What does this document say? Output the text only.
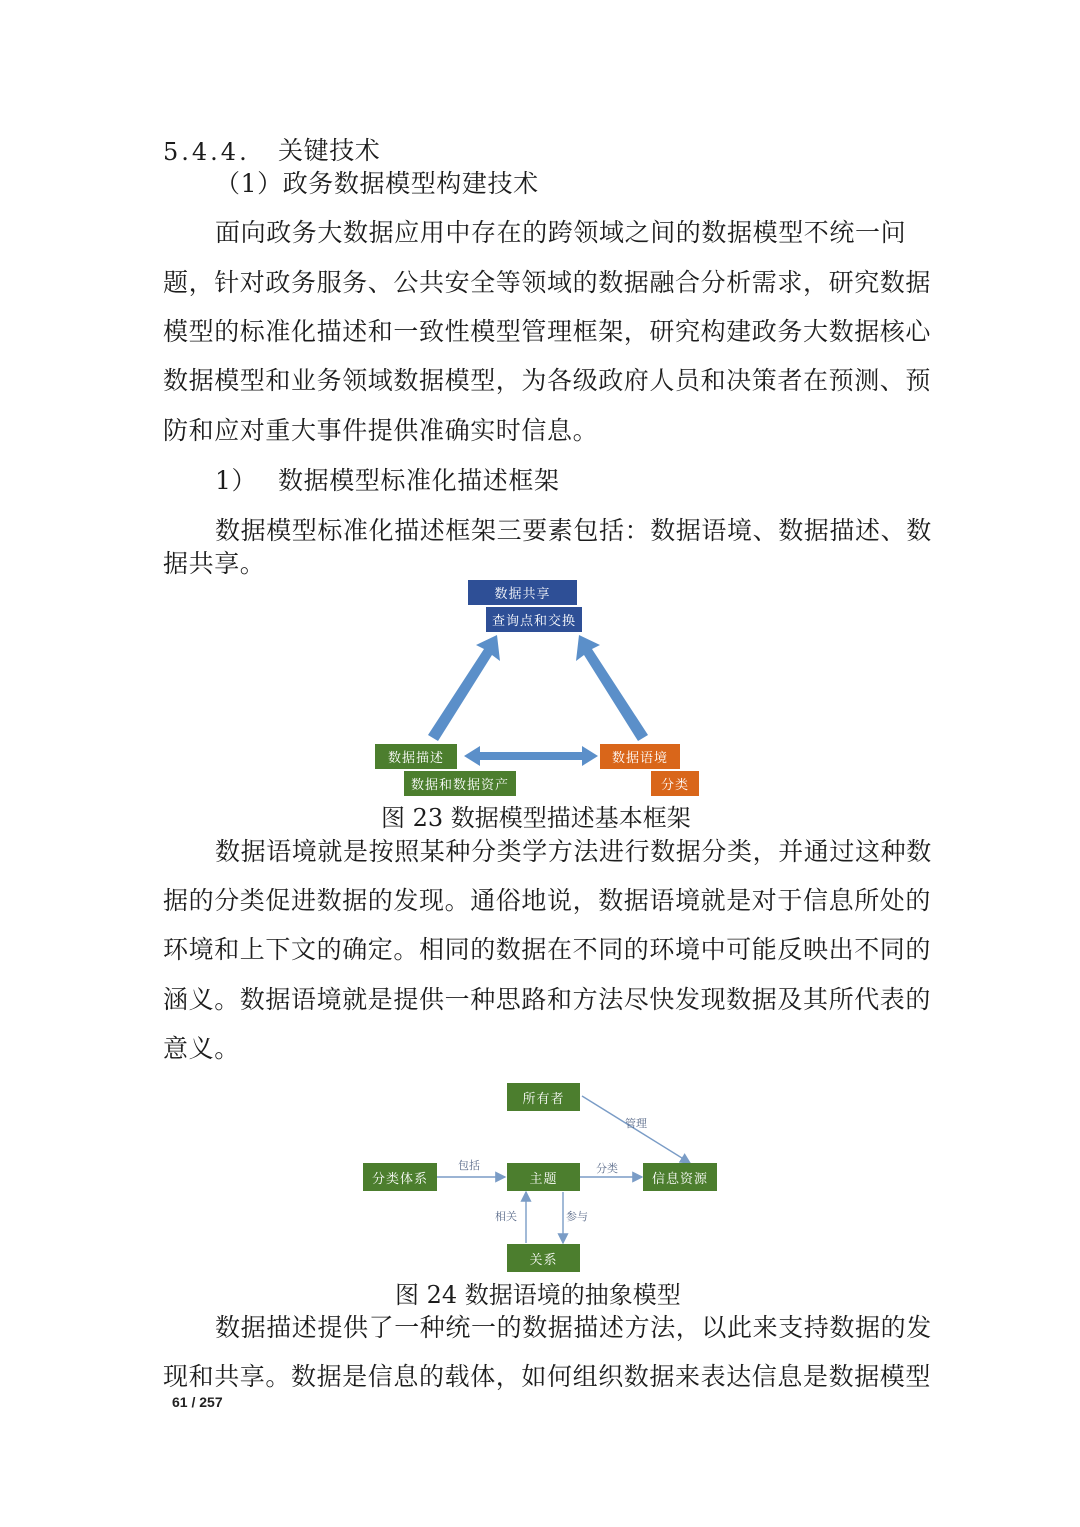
5.4.4. 关键技术
（1）政务数据模型构建技术
面向政务大数据应用中存在的跨领域之间的数据模型不统一问
题，针对政务服务、公共安全等领域的数据融合分析需求，研究数据
模型的标准化描述和一致性模型管理框架，研究构建政务大数据核心
数据模型和业务领域数据模型，为各级政府人员和决策者在预测、预
防和应对重大事件提供准确实时信息。
1） 数据模型标准化描述框架
数据模型标准化描述框架三要素包括：数据语境、数据描述、数
据共享。
数据共享
查询点和交换
数据描述
数据和数据资产
数据语境
分类
图 23 数据模型描述基本框架
数据语境就是按照某种分类学方法进行数据分类，并通过这种数
据的分类促进数据的发现。通俗地说，数据语境就是对于信息所处的
环境和上下文的确定。相同的数据在不同的环境中可能反映出不同的
涵义。数据语境就是提供一种思路和方法尽快发现数据及其所代表的
意义。
所有者
分类体系	主题	信息资源
关系
管理
包括	分类
相关	参与
图 24 数据语境的抽象模型
数据描述提供了一种统一的数据描述方法，以此来支持数据的发
现和共享。数据是信息的载体，如何组织数据来表达信息是数据模型
61 / 257
